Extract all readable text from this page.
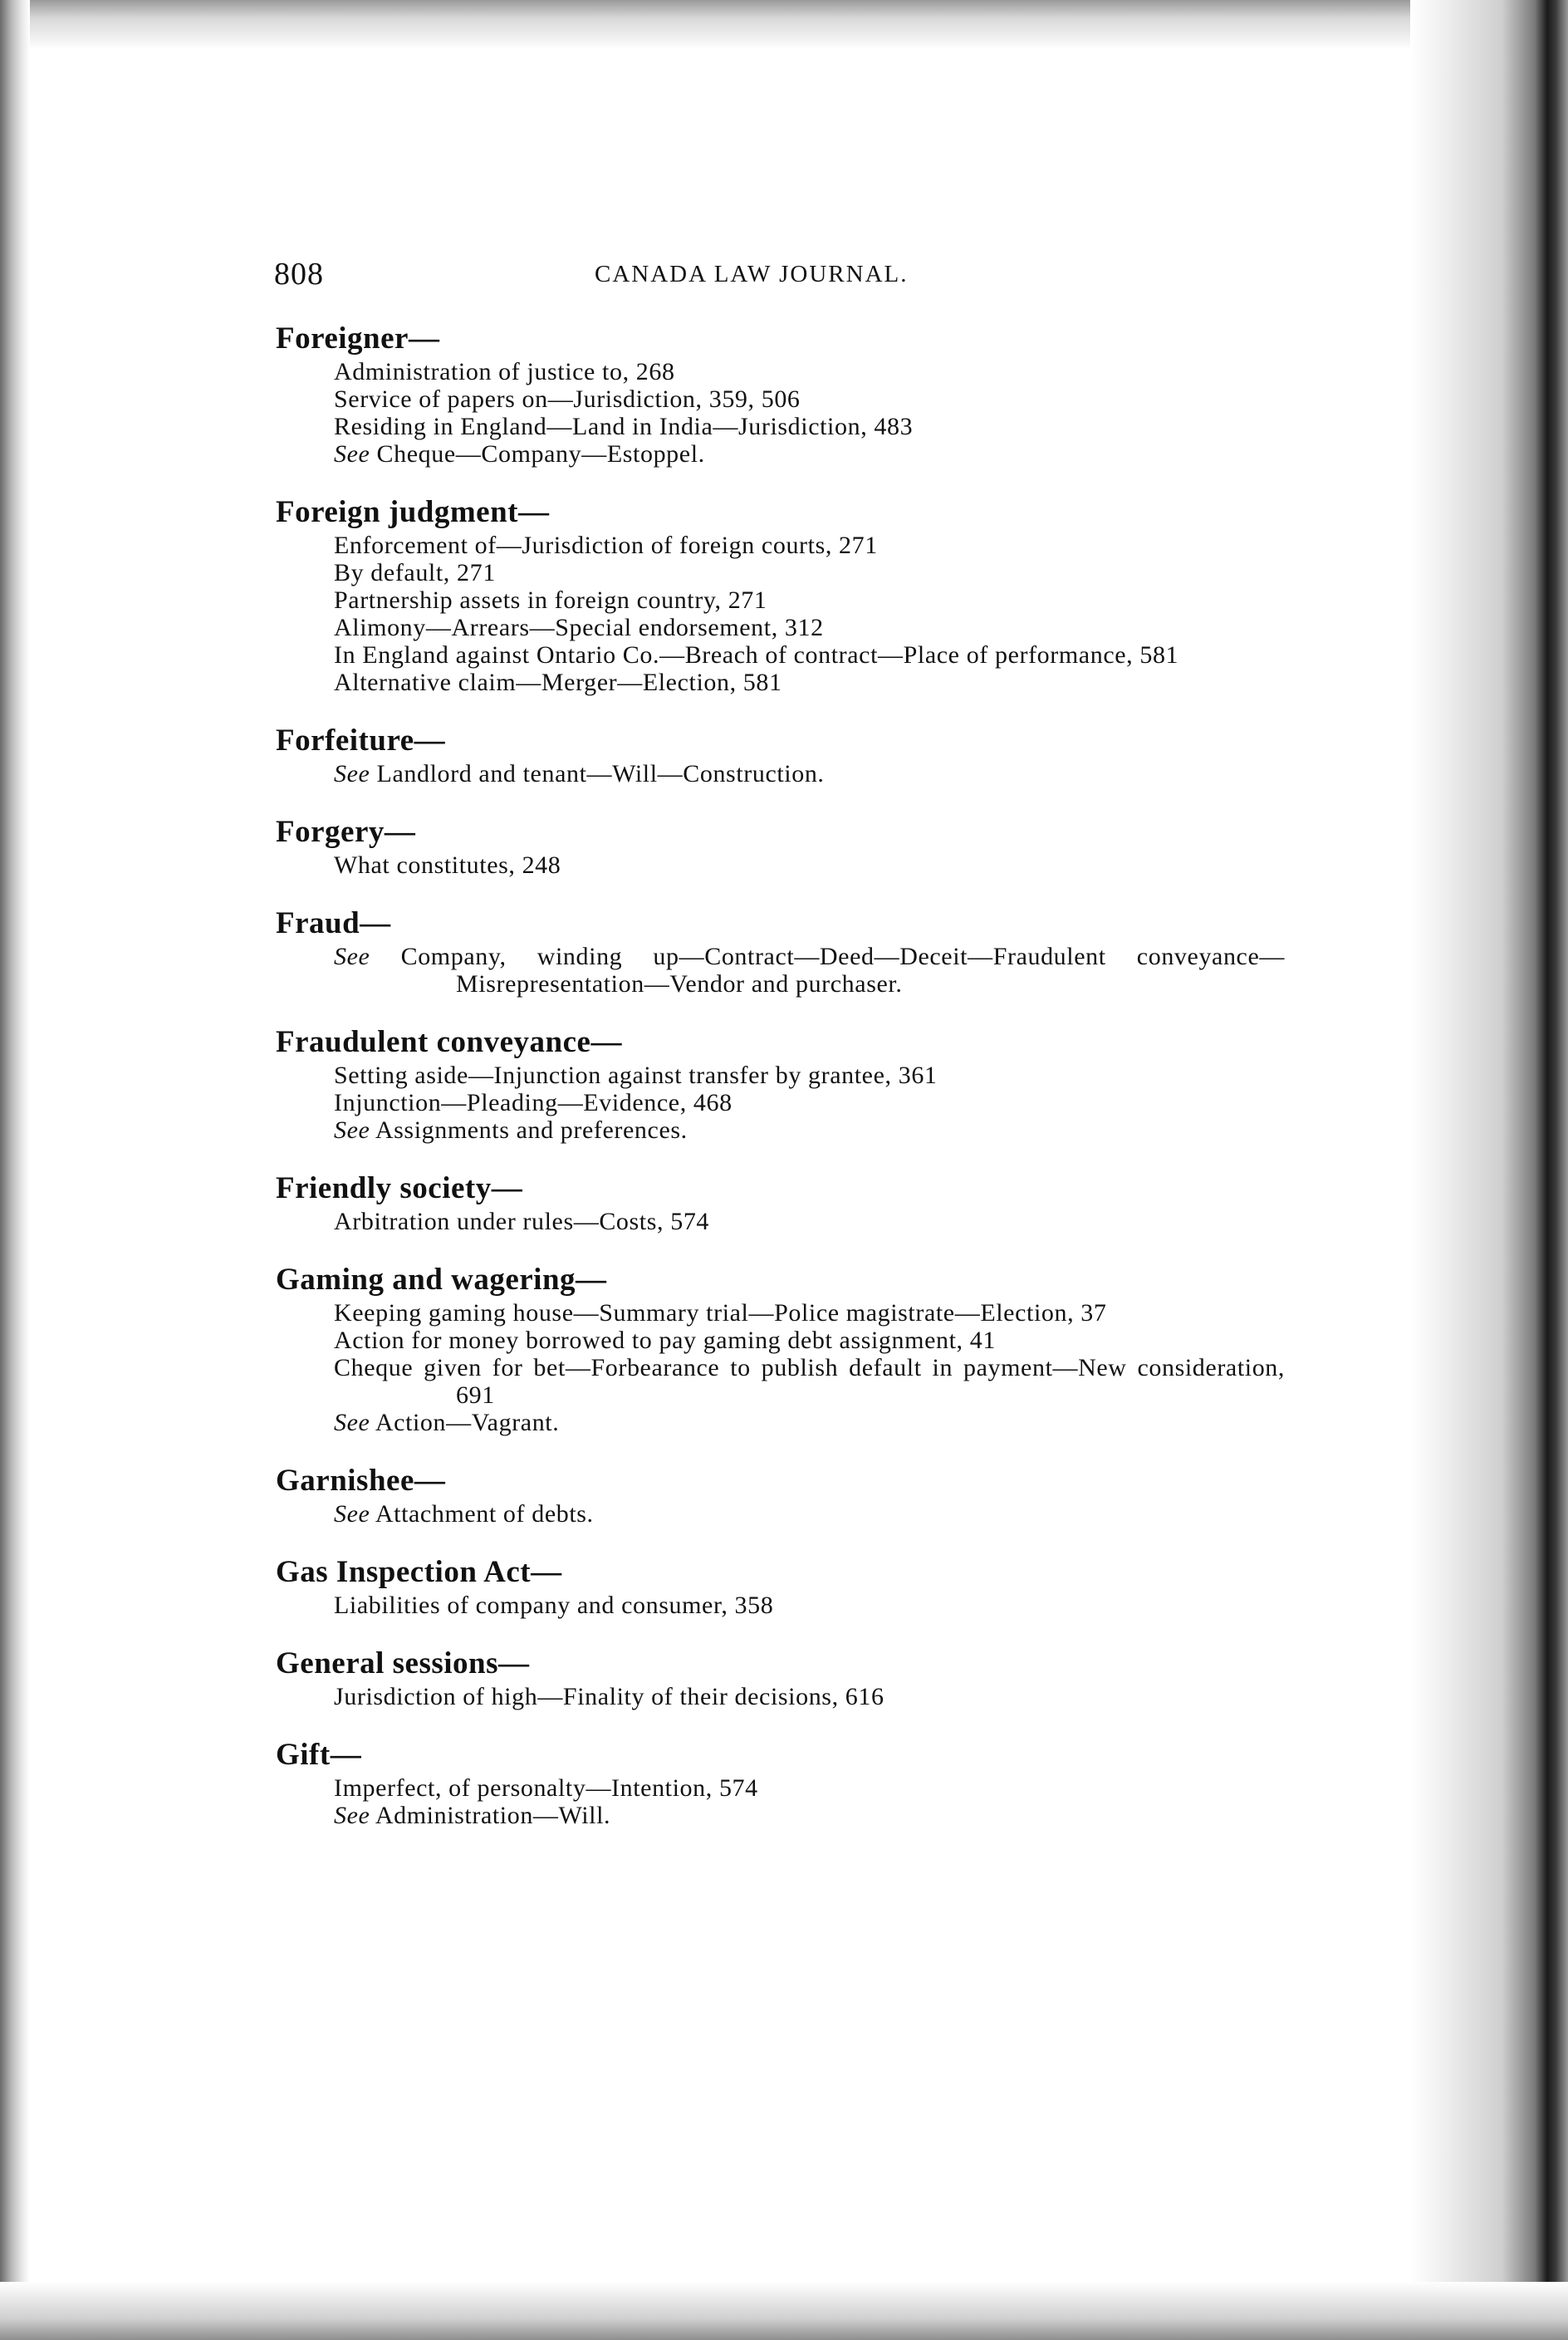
808	CANADA LAW JOURNAL.
Foreigner—
Administration of justice to, 268
Service of papers on—Jurisdiction, 359, 506
Residing in England—Land in India—Jurisdiction, 483
See Cheque—Company—Estoppel.
Foreign judgment—
Enforcement of—Jurisdiction of foreign courts, 271
By default, 271
Partnership assets in foreign country, 271
Alimony—Arrears—Special endorsement, 312
In England against Ontario Co.—Breach of contract—Place of performance, 581
Alternative claim—Merger—Election, 581
Forfeiture—
See Landlord and tenant—Will—Construction.
Forgery—
What constitutes, 248
Fraud—
See Company, winding up—Contract—Deed—Deceit—Fraudulent conveyance—Misrepresentation—Vendor and purchaser.
Fraudulent conveyance—
Setting aside—Injunction against transfer by grantee, 361
Injunction—Pleading—Evidence, 468
See Assignments and preferences.
Friendly society—
Arbitration under rules—Costs, 574
Gaming and wagering—
Keeping gaming house—Summary trial—Police magistrate—Election, 37
Action for money borrowed to pay gaming debt assignment, 41
Cheque given for bet—Forbearance to publish default in payment—New consideration, 691
See Action—Vagrant.
Garnishee—
See Attachment of debts.
Gas Inspection Act—
Liabilities of company and consumer, 358
General sessions—
Jurisdiction of high—Finality of their decisions, 616
Gift—
Imperfect, of personalty—Intention, 574
See Administration—Will.
